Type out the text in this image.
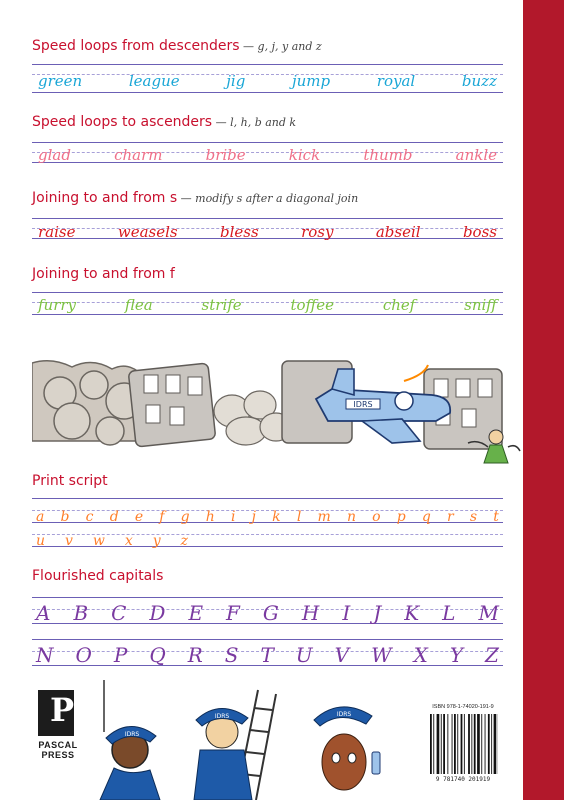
Speed loops from descenders — g, j, y and z
green	league	jig	jump	royal	buzz
Speed loops to ascenders — l, h, b and k
glad	charm	bribe	kick	thumb	ankle
Joining to and from s — modify s after a diagonal join
raise	weasels	bless	rosy	abseil	boss
Joining to and from f
furry	flea	strife	toffee	chef	sniff
IDRS
Print script
a b c d e f g h i j k l m n o p q r s t
u v w x y z
Flourished capitals
A B C D E F G H I J K L M
N O P Q R S T U V W X Y Z
IDRS
IDRS	IDRS
P
PASCAL
PRESS
ISBN 978-1-74020-191-9
9 781740 201919
